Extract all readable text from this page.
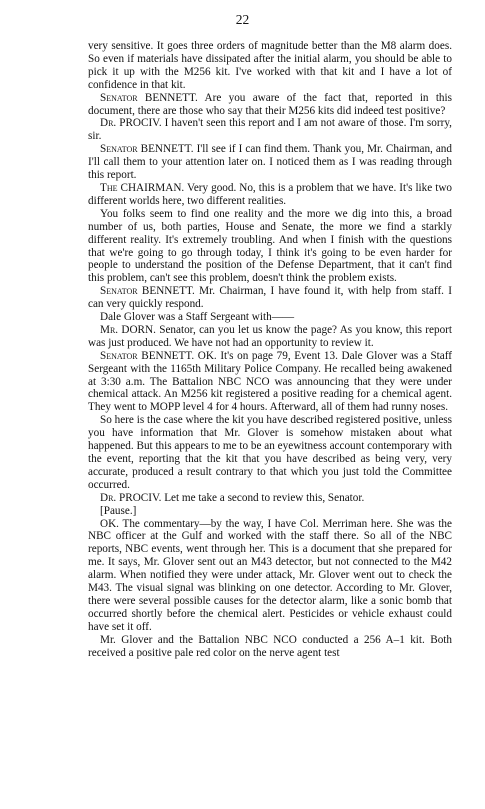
22

very sensitive. It goes three orders of magnitude better than the M8 alarm does. So even if materials have dissipated after the initial alarm, you should be able to pick it up with the M256 kit. I've worked with that kit and I have a lot of confidence in that kit.

Senator BENNETT. Are you aware of the fact that, reported in this document, there are those who say that their M256 kits did indeed test positive?

Dr. PROCIV. I haven't seen this report and I am not aware of those. I'm sorry, sir.

Senator BENNETT. I'll see if I can find them. Thank you, Mr. Chairman, and I'll call them to your attention later on. I noticed them as I was reading through this report.

The CHAIRMAN. Very good. No, this is a problem that we have. It's like two different worlds here, two different realities.

You folks seem to find one reality and the more we dig into this, a broad number of us, both parties, House and Senate, the more we find a starkly different reality. It's extremely troubling. And when I finish with the questions that we're going to go through today, I think it's going to be even harder for people to understand the position of the Defense Department, that it can't find this problem, can't see this problem, doesn't think the problem exists.

Senator BENNETT. Mr. Chairman, I have found it, with help from staff. I can very quickly respond.

Dale Glover was a Staff Sergeant with——

Mr. DORN. Senator, can you let us know the page? As you know, this report was just produced. We have not had an opportunity to review it.

Senator BENNETT. OK. It's on page 79, Event 13. Dale Glover was a Staff Sergeant with the 1165th Military Police Company. He recalled being awakened at 3:30 a.m. The Battalion NBC NCO was announcing that they were under chemical attack. An M256 kit registered a positive reading for a chemical agent. They went to MOPP level 4 for 4 hours. Afterward, all of them had runny noses.

So here is the case where the kit you have described registered positive, unless you have information that Mr. Glover is somehow mistaken about what happened. But this appears to me to be an eyewitness account contemporary with the event, reporting that the kit that you have described as being very, very accurate, produced a result contrary to that which you just told the Committee occurred.

Dr. PROCIV. Let me take a second to review this, Senator.

[Pause.]

OK. The commentary—by the way, I have Col. Merriman here. She was the NBC officer at the Gulf and worked with the staff there. So all of the NBC reports, NBC events, went through her. This is a document that she prepared for me. It says, Mr. Glover sent out an M43 detector, but not connected to the M42 alarm. When notified they were under attack, Mr. Glover went out to check the M43. The visual signal was blinking on one detector. According to Mr. Glover, there were several possible causes for the detector alarm, like a sonic bomb that occurred shortly before the chemical alert. Pesticides or vehicle exhaust could have set it off.

Mr. Glover and the Battalion NBC NCO conducted a 256 A–1 kit. Both received a positive pale red color on the nerve agent test
